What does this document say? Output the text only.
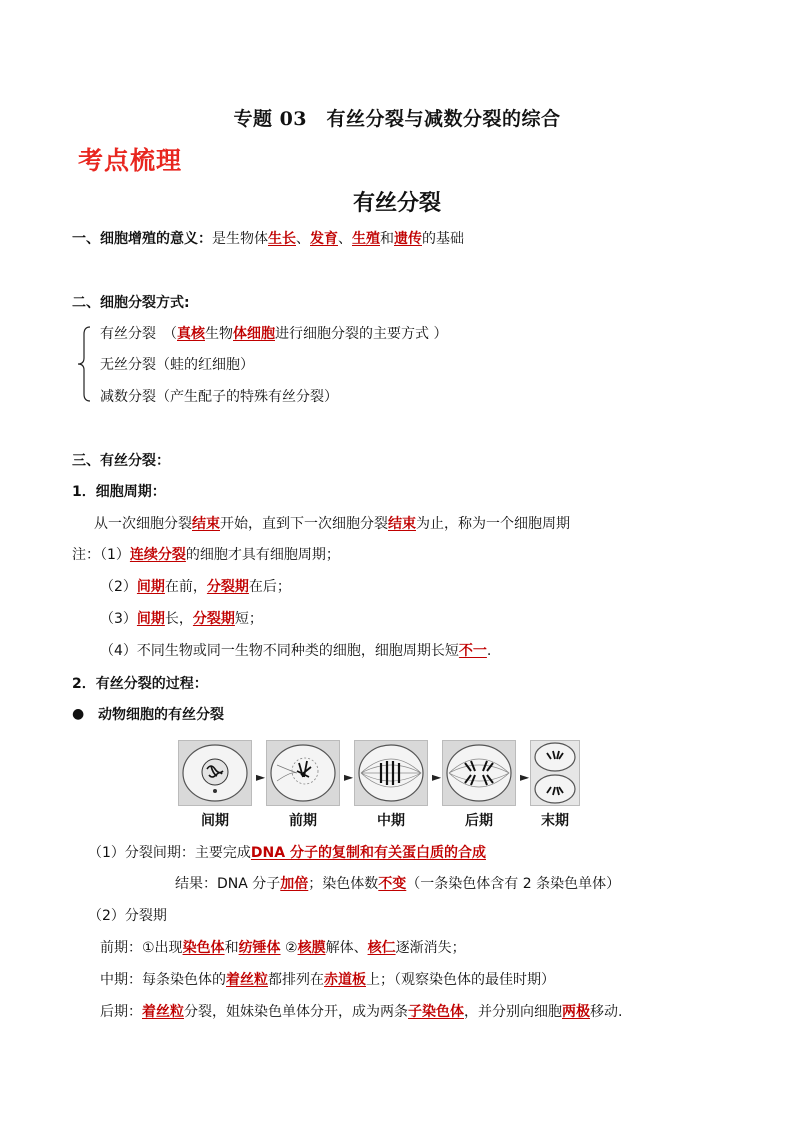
专题 03　有丝分裂与减数分裂的综合
考点梳理
有丝分裂
一、细胞增殖的意义：是生物体生长、发育、生殖和遗传的基础
二、细胞分裂方式:
有丝分裂　（真核生物体细胞进行细胞分裂的主要方式 ）
无丝分裂（蛙的红细胞）
减数分裂（产生配子的特殊有丝分裂）
三、有丝分裂：
1．细胞周期：
从一次细胞分裂结束开始，直到下一次细胞分裂结束为止，称为一个细胞周期
注：（1）连续分裂的细胞才具有细胞周期；
（2）间期在前，分裂期在后；
（3）间期长，分裂期短；
（4）不同生物或同一生物不同种类的细胞，细胞周期长短不一.
2．有丝分裂的过程：
● 动物细胞的有丝分裂
►	►	►	►
间期	前期	中期	后期	末期
（1）分裂间期：主要完成DNA 分子的复制和有关蛋白质的合成
结果：DNA 分子加倍；染色体数不变（一条染色体含有 2 条染色单体）
（2）分裂期
前期：①出现染色体和纺锤体 ②核膜解体、核仁逐渐消失；
中期：每条染色体的着丝粒都排列在赤道板上；（观察染色体的最佳时期）
后期：着丝粒分裂，姐妹染色单体分开，成为两条子染色体，并分别向细胞两极移动.
